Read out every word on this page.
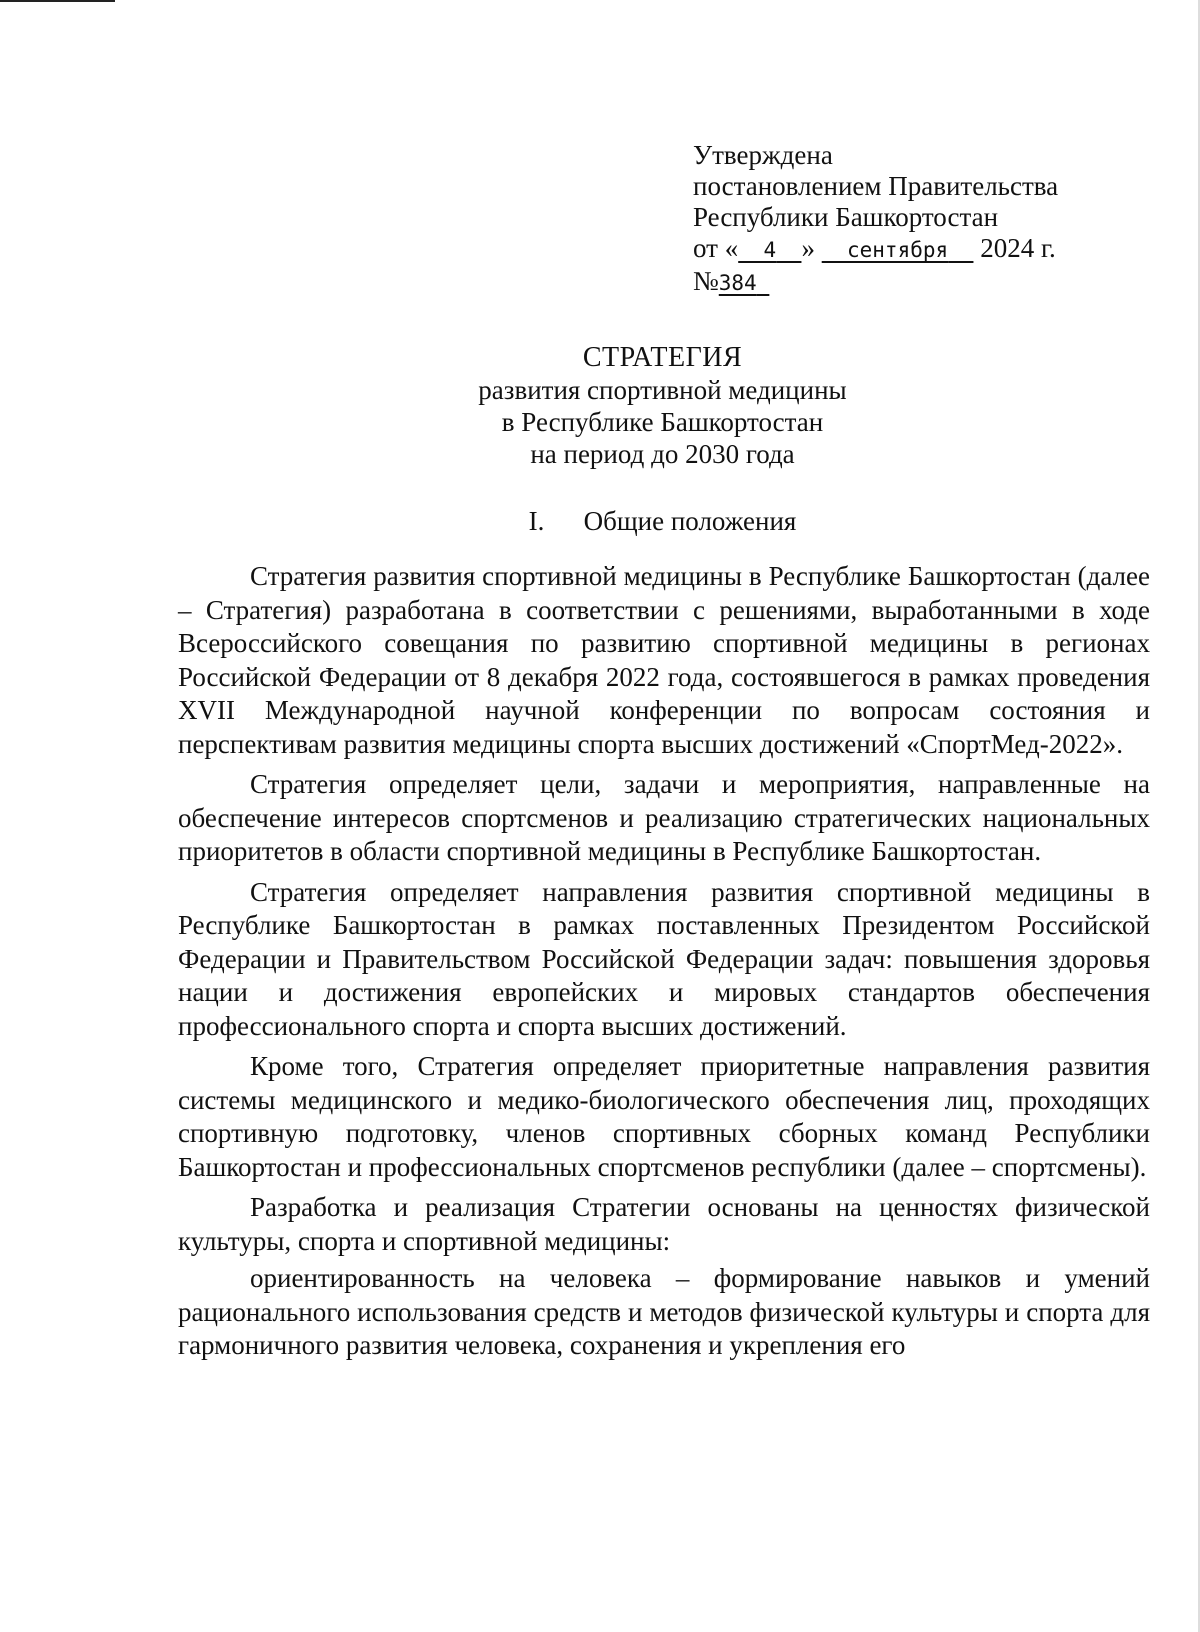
Утверждена
постановлением Правительства
Республики Башкортостан
от « 4 » сентября 2024 г.
№384
СТРАТЕГИЯ
развития спортивной медицины
в Республике Башкортостан
на период до 2030 года
I. Общие положения

Стратегия развития спортивной медицины в Республике Башкортостан (далее – Стратегия) разработана в соответствии с решениями, выработанными в ходе Всероссийского совещания по развитию спортивной медицины в регионах Российской Федерации от 8 декабря 2022 года, состоявшегося в рамках проведения XVII Международной научной конференции по вопросам состояния и перспективам развития медицины спорта высших достижений «СпортМед-2022».

Стратегия определяет цели, задачи и мероприятия, направленные на обеспечение интересов спортсменов и реализацию стратегических национальных приоритетов в области спортивной медицины в Республике Башкортостан.

Стратегия определяет направления развития спортивной медицины в Республике Башкортостан в рамках поставленных Президентом Российской Федерации и Правительством Российской Федерации задач: повышения здоровья нации и достижения европейских и мировых стандартов обеспечения профессионального спорта и спорта высших достижений.

Кроме того, Стратегия определяет приоритетные направления развития системы медицинского и медико-биологического обеспечения лиц, проходящих спортивную подготовку, членов спортивных сборных команд Республики Башкортостан и профессиональных спортсменов республики (далее – спортсмены).

Разработка и реализация Стратегии основаны на ценностях физической культуры, спорта и спортивной медицины:

ориентированность на человека – формирование навыков и умений рационального использования средств и методов физической культуры и спорта для гармоничного развития человека, сохранения и укрепления его
